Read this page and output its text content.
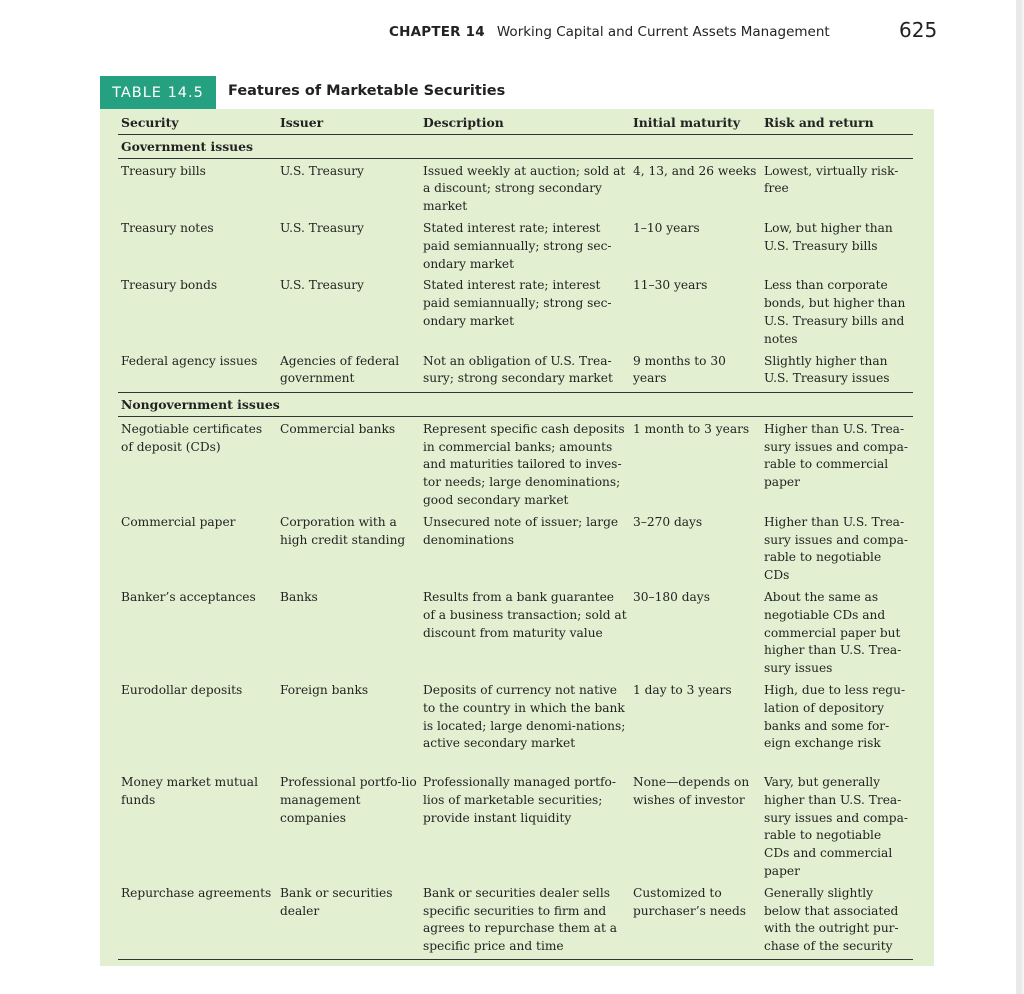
CHAPTER 14 Working Capital and Current Assets Management	625
TABLE 14.5	Features of Marketable Securities
Security	Issuer	Description	Initial maturity	Risk and return
Government issues				
Treasury bills	U.S. Treasury	Issued weekly at auction; sold at a discount; strong secondary market	4, 13, and 26 weeks	Lowest, virtually risk-free
Treasury notes	U.S. Treasury	Stated interest rate; interest paid semiannually; strong sec-ondary market	1–10 years	Low, but higher than U.S. Treasury bills
Treasury bonds	U.S. Treasury	Stated interest rate; interest paid semiannually; strong sec-ondary market	11–30 years	Less than corporate bonds, but higher than U.S. Treasury bills and notes
Federal agency issues	Agencies of federal government	Not an obligation of U.S. Trea-sury; strong secondary market	9 months to 30 years	Slightly higher than U.S. Treasury issues
Nongovernment issues				
Negotiable certificates of deposit (CDs)	Commercial banks	Represent specific cash deposits in commercial banks; amounts and maturities tailored to inves-tor needs; large denominations; good secondary market	1 month to 3 years	Higher than U.S. Trea-sury issues and compa-rable to commercial paper
Commercial paper	Corporation with a high credit standing	Unsecured note of issuer; large denominations	3–270 days	Higher than U.S. Trea-sury issues and compa-rable to negotiable CDs
Banker’s acceptances	Banks	Results from a bank guarantee of a business transaction; sold at discount from maturity value	30–180 days	About the same as negotiable CDs and commercial paper but higher than U.S. Trea-sury issues
Eurodollar deposits	Foreign banks	Deposits of currency not native to the country in which the bank is located; large denomi-nations; active secondary market	1 day to 3 years	High, due to less regu-lation of depository banks and some for-eign exchange risk
Money market mutual funds	Professional portfo-lio management companies	Professionally managed portfo-lios of marketable securities; provide instant liquidity	None—depends on wishes of investor	Vary, but generally higher than U.S. Trea-sury issues and compa-rable to negotiable CDs and commercial paper
Repurchase agreements	Bank or securities dealer	Bank or securities dealer sells specific securities to firm and agrees to repurchase them at a specific price and time	Customized to purchaser’s needs	Generally slightly below that associated with the outright pur-chase of the security
